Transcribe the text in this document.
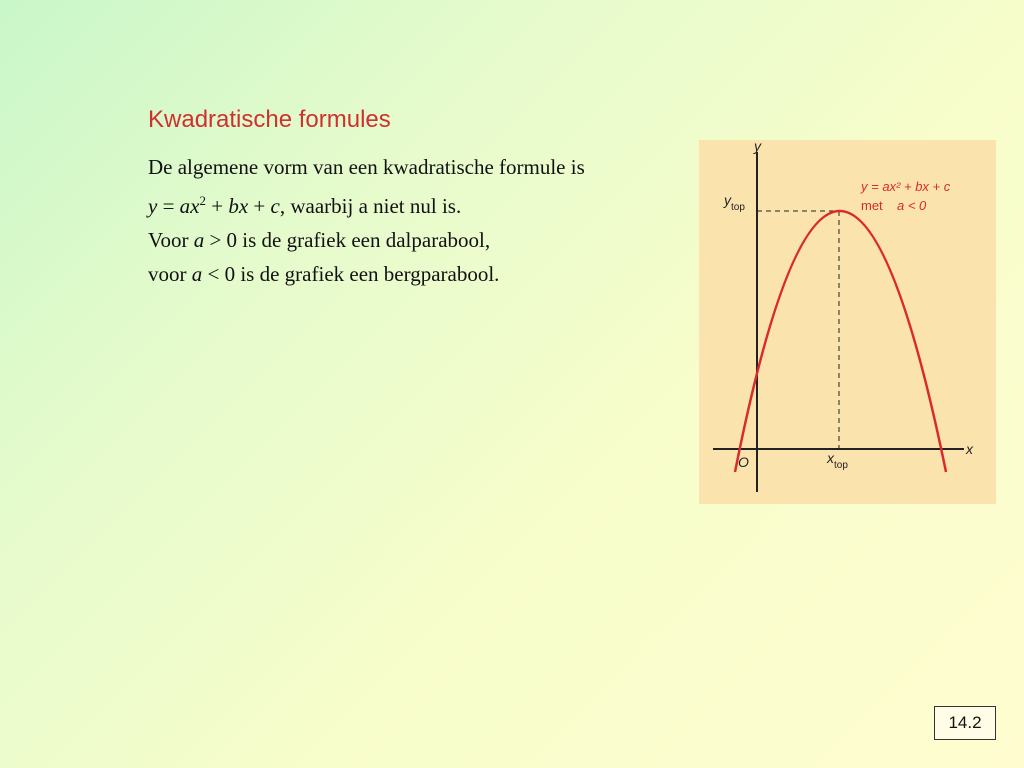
Kwadratische formules
De algemene vorm van een kwadratische formule is
$y = ax^2$ + bx + c, waarbij a niet nul is.
Voor a > 0 is de grafiek een dalparabool,
voor a < 0 is de grafiek een bergparabool.
y
x
O
$y_{top}$
$x_{top}$
y = ax² + bx + c
met a < 0
14.2
